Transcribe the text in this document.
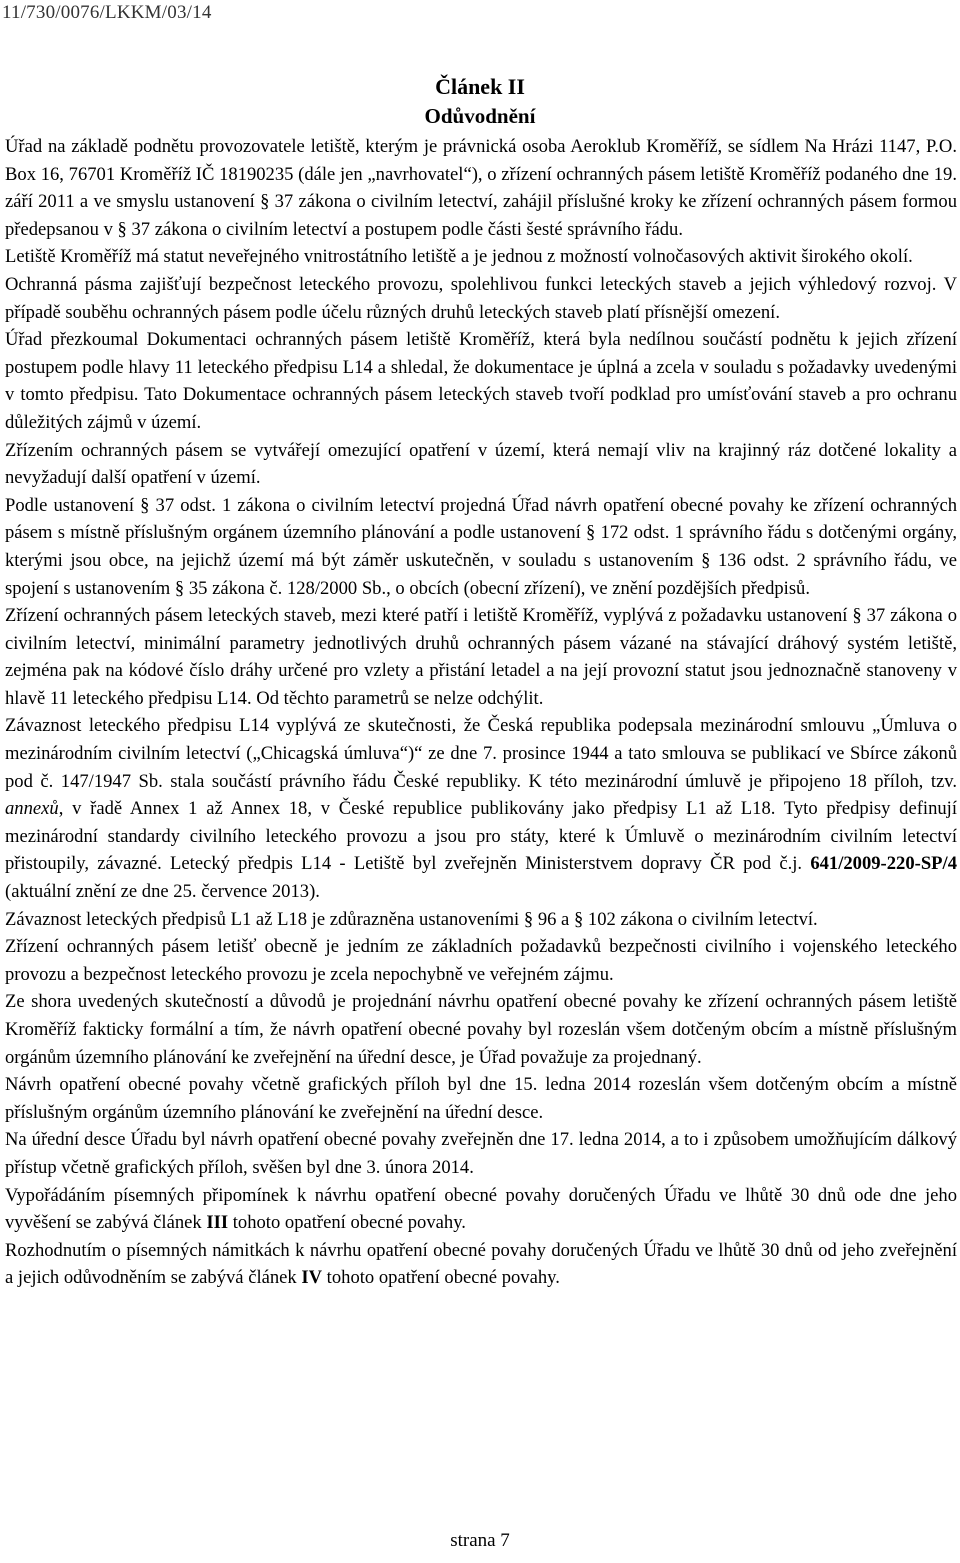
11/730/0076/LKKM/03/14
Článek II
Odůvodnění

Úřad na základě podnětu provozovatele letiště, kterým je právnická osoba Aeroklub Kroměříž, se sídlem Na Hrázi 1147, P.O. Box 16, 76701 Kroměříž IČ 18190235 (dále jen „navrhovatel“), o zřízení ochranných pásem letiště Kroměříž podaného dne 19. září 2011 a ve smyslu ustanovení § 37 zákona o civilním letectví, zahájil příslušné kroky ke zřízení ochranných pásem formou předepsanou v § 37 zákona o civilním letectví a postupem podle části šesté správního řádu.

Letiště Kroměříž má statut neveřejného vnitrostátního letiště a je jednou z možností volnočasových aktivit širokého okolí.

Ochranná pásma zajišťují bezpečnost leteckého provozu, spolehlivou funkci leteckých staveb a jejich výhledový rozvoj. V případě souběhu ochranných pásem podle účelu různých druhů leteckých staveb platí přísnější omezení.

Úřad přezkoumal Dokumentaci ochranných pásem letiště Kroměříž, která byla nedílnou součástí podnětu k jejich zřízení postupem podle hlavy 11 leteckého předpisu L14 a shledal, že dokumentace je úplná a zcela v souladu s požadavky uvedenými v tomto předpisu. Tato Dokumentace ochranných pásem leteckých staveb tvoří podklad pro umísťování staveb a pro ochranu důležitých zájmů v území.

Zřízením ochranných pásem se vytvářejí omezující opatření v území, která nemají vliv na krajinný ráz dotčené lokality a nevyžadují další opatření v území.

Podle ustanovení § 37 odst. 1 zákona o civilním letectví projedná Úřad návrh opatření obecné povahy ke zřízení ochranných pásem s místně příslušným orgánem územního plánování a podle ustanovení § 172 odst. 1 správního řádu s dotčenými orgány, kterými jsou obce, na jejichž území má být záměr uskutečněn, v souladu s ustanovením § 136 odst. 2 správního řádu, ve spojení s ustanovením § 35 zákona č. 128/2000 Sb., o obcích (obecní zřízení), ve znění pozdějších předpisů.

Zřízení ochranných pásem leteckých staveb, mezi které patří i letiště Kroměříž, vyplývá z požadavku ustanovení § 37 zákona o civilním letectví, minimální parametry jednotlivých druhů ochranných pásem vázané na stávající dráhový systém letiště, zejména pak na kódové číslo dráhy určené pro vzlety a přistání letadel a na její provozní statut jsou jednoznačně stanoveny v hlavě 11 leteckého předpisu L14. Od těchto parametrů se nelze odchýlit.

Závaznost leteckého předpisu L14 vyplývá ze skutečnosti, že Česká republika podepsala mezinárodní smlouvu „Úmluva o mezinárodním civilním letectví („Chicagská úmluva“)“ ze dne 7. prosince 1944 a tato smlouva se publikací ve Sbírce zákonů pod č. 147/1947 Sb. stala součástí právního řádu České republiky. K této mezinárodní úmluvě je připojeno 18 příloh, tzv. annexů, v řadě Annex 1 až Annex 18, v České republice publikovány jako předpisy L1 až L18. Tyto předpisy definují mezinárodní standardy civilního leteckého provozu a jsou pro státy, které k Úmluvě o mezinárodním civilním letectví přistoupily, závazné. Letecký předpis L14 - Letiště byl zveřejněn Ministerstvem dopravy ČR pod č.j. 641/2009-220-SP/4 (aktuální znění ze dne 25. července 2013).

Závaznost leteckých předpisů L1 až L18 je zdůrazněna ustanoveními § 96 a § 102 zákona o civilním letectví.

Zřízení ochranných pásem letišť obecně je jedním ze základních požadavků bezpečnosti civilního i vojenského leteckého provozu a bezpečnost leteckého provozu je zcela nepochybně ve veřejném zájmu.

Ze shora uvedených skutečností a důvodů je projednání návrhu opatření obecné povahy ke zřízení ochranných pásem letiště Kroměříž fakticky formální a tím, že návrh opatření obecné povahy byl rozeslán všem dotčeným obcím a místně příslušným orgánům územního plánování ke zveřejnění na úřední desce, je Úřad považuje za projednaný.

Návrh opatření obecné povahy včetně grafických příloh byl dne 15. ledna 2014 rozeslán všem dotčeným obcím a místně příslušným orgánům územního plánování ke zveřejnění na úřední desce.

Na úřední desce Úřadu byl návrh opatření obecné povahy zveřejněn dne 17. ledna 2014, a to i způsobem umožňujícím dálkový přístup včetně grafických příloh, svěšen byl dne 3. února 2014.

Vypořádáním písemných připomínek k návrhu opatření obecné povahy doručených Úřadu ve lhůtě 30 dnů ode dne jeho vyvěšení se zabývá článek III tohoto opatření obecné povahy.

Rozhodnutím o písemných námitkách k návrhu opatření obecné povahy doručených Úřadu ve lhůtě 30 dnů od jeho zveřejnění a jejich odůvodněním se zabývá článek IV tohoto opatření obecné povahy.

strana 7
